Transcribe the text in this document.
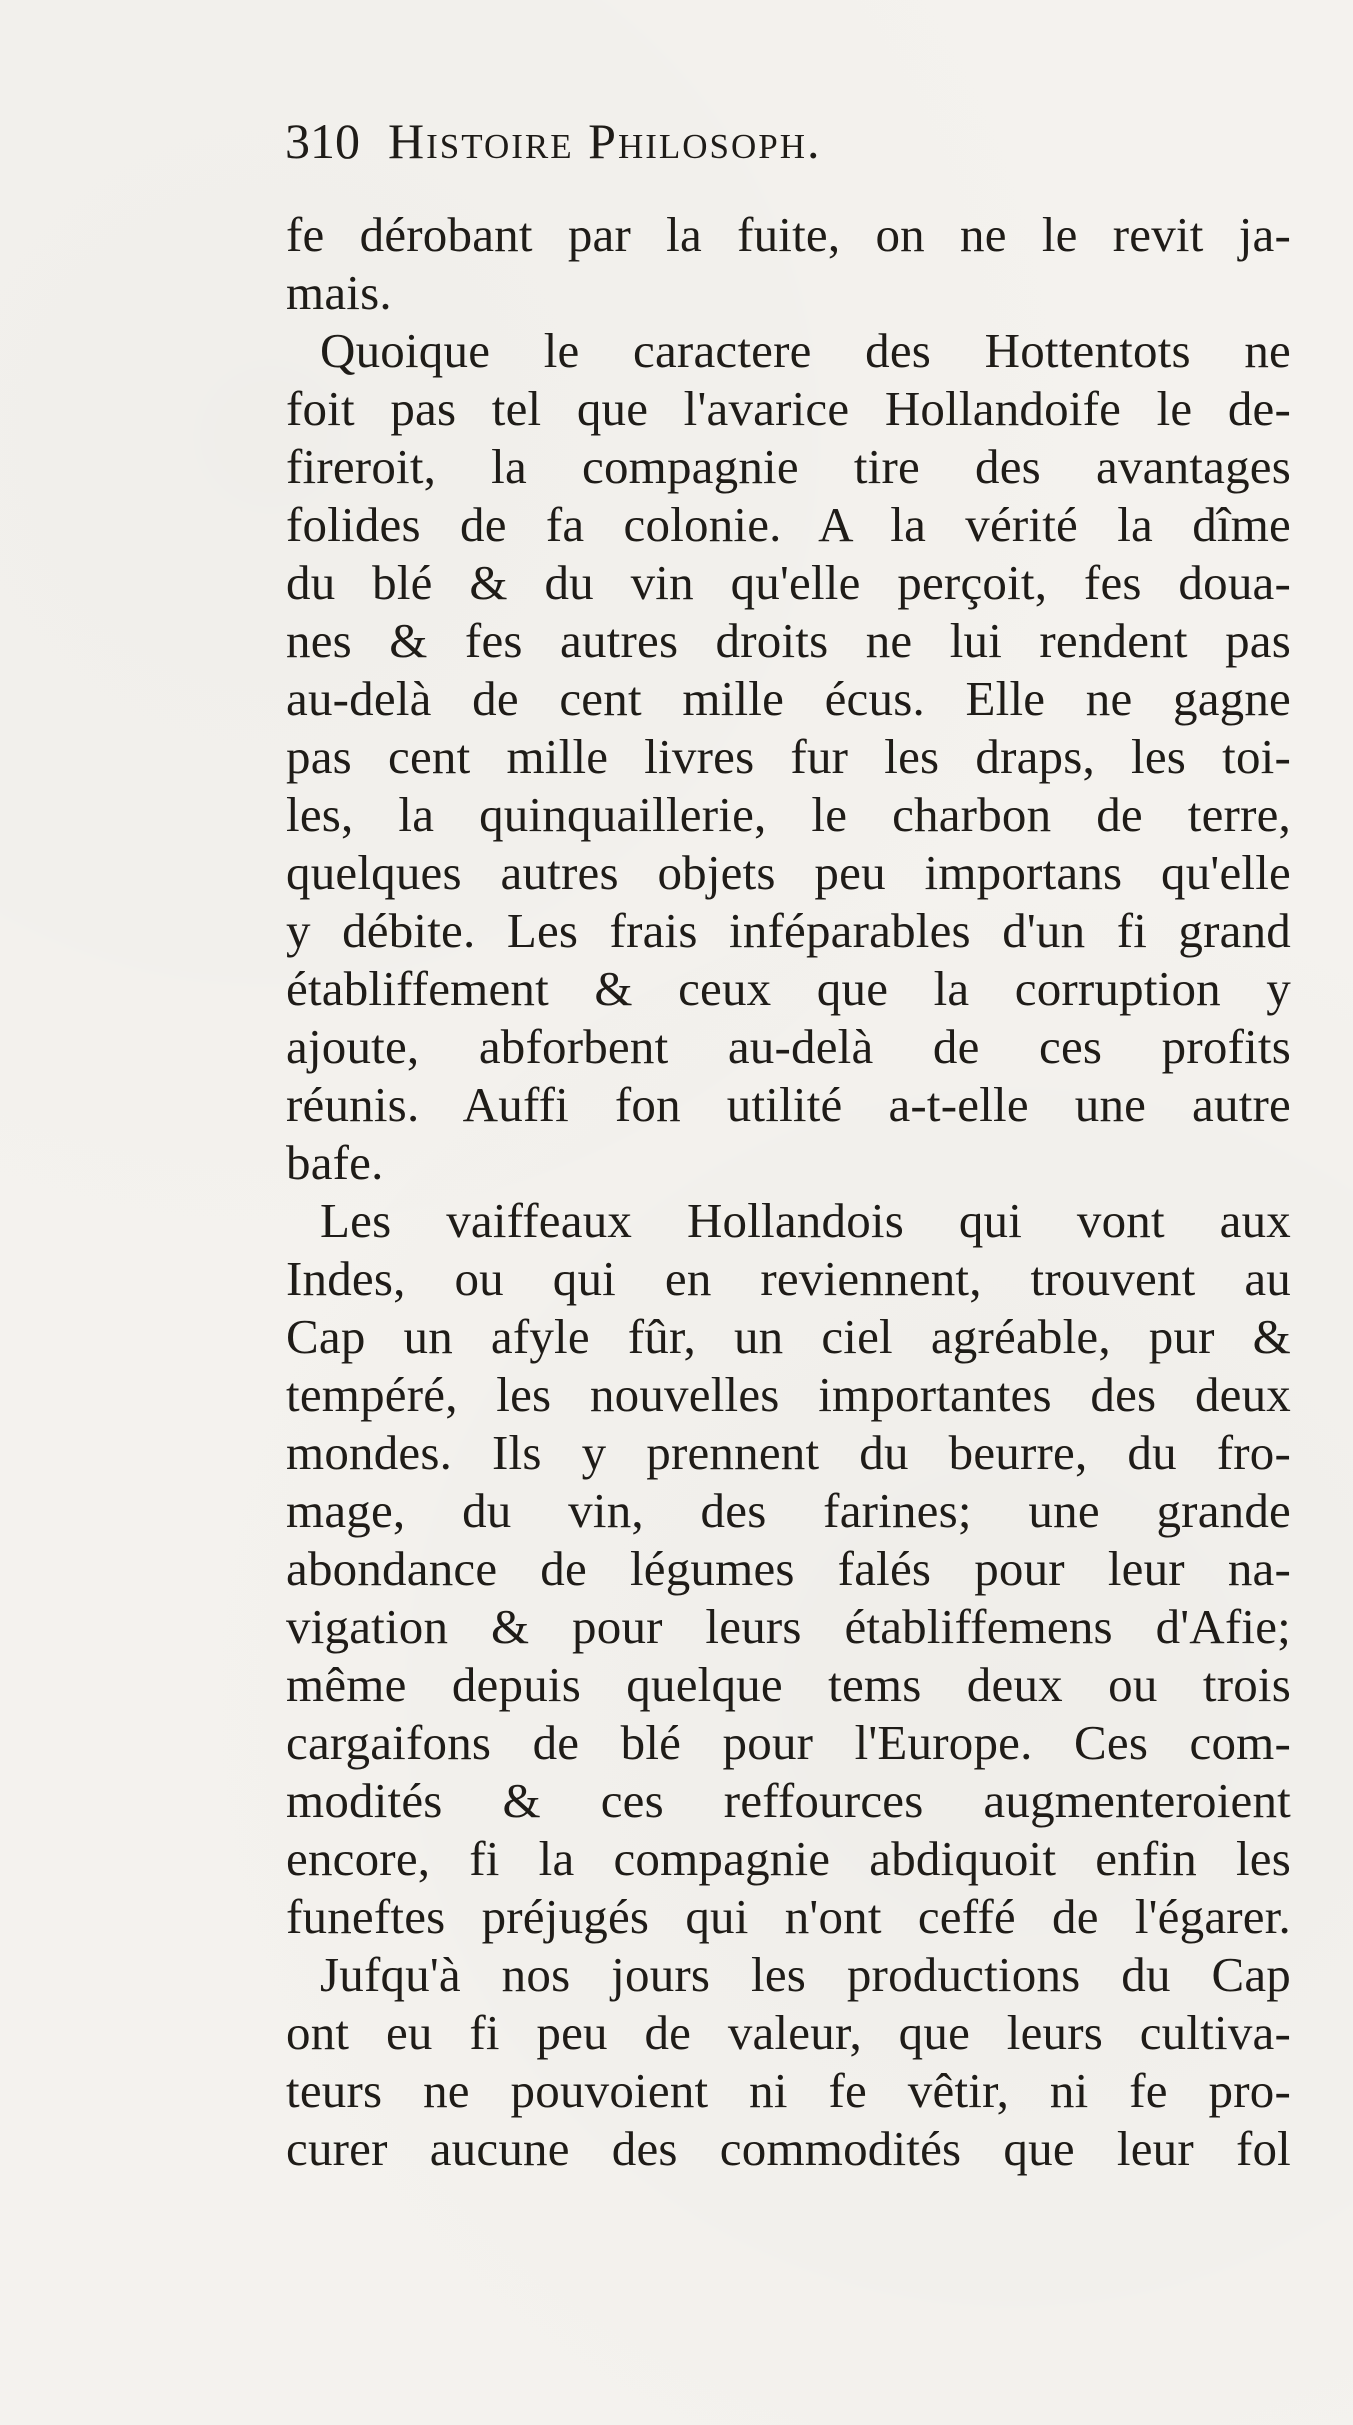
310 Histoire Philosoph.
fe dérobant par la fuite, on ne le revit ja-
mais.
Quoique le caractere des Hottentots ne
foit pas tel que l'avarice Hollandoife le de-
fireroit, la compagnie tire des avantages
folides de fa colonie. A la vérité la dîme
du blé & du vin qu'elle perçoit, fes doua-
nes & fes autres droits ne lui rendent pas
au-delà de cent mille écus. Elle ne gagne
pas cent mille livres fur les draps, les toi-
les, la quinquaillerie, le charbon de terre,
quelques autres objets peu importans qu'elle
y débite. Les frais inféparables d'un fi grand
établiffement & ceux que la corruption y
ajoute, abforbent au-delà de ces profits
réunis. Auffi fon utilité a-t-elle une autre
bafe.
Les vaiffeaux Hollandois qui vont aux
Indes, ou qui en reviennent, trouvent au
Cap un afyle fûr, un ciel agréable, pur &
tempéré, les nouvelles importantes des deux
mondes. Ils y prennent du beurre, du fro-
mage, du vin, des farines; une grande
abondance de légumes falés pour leur na-
vigation & pour leurs établiffemens d'Afie;
même depuis quelque tems deux ou trois
cargaifons de blé pour l'Europe. Ces com-
modités & ces reffources augmenteroient
encore, fi la compagnie abdiquoit enfin les
funeftes préjugés qui n'ont ceffé de l'égarer.
Jufqu'à nos jours les productions du Cap
ont eu fi peu de valeur, que leurs cultiva-
teurs ne pouvoient ni fe vêtir, ni fe pro-
curer aucune des commodités que leur fol
